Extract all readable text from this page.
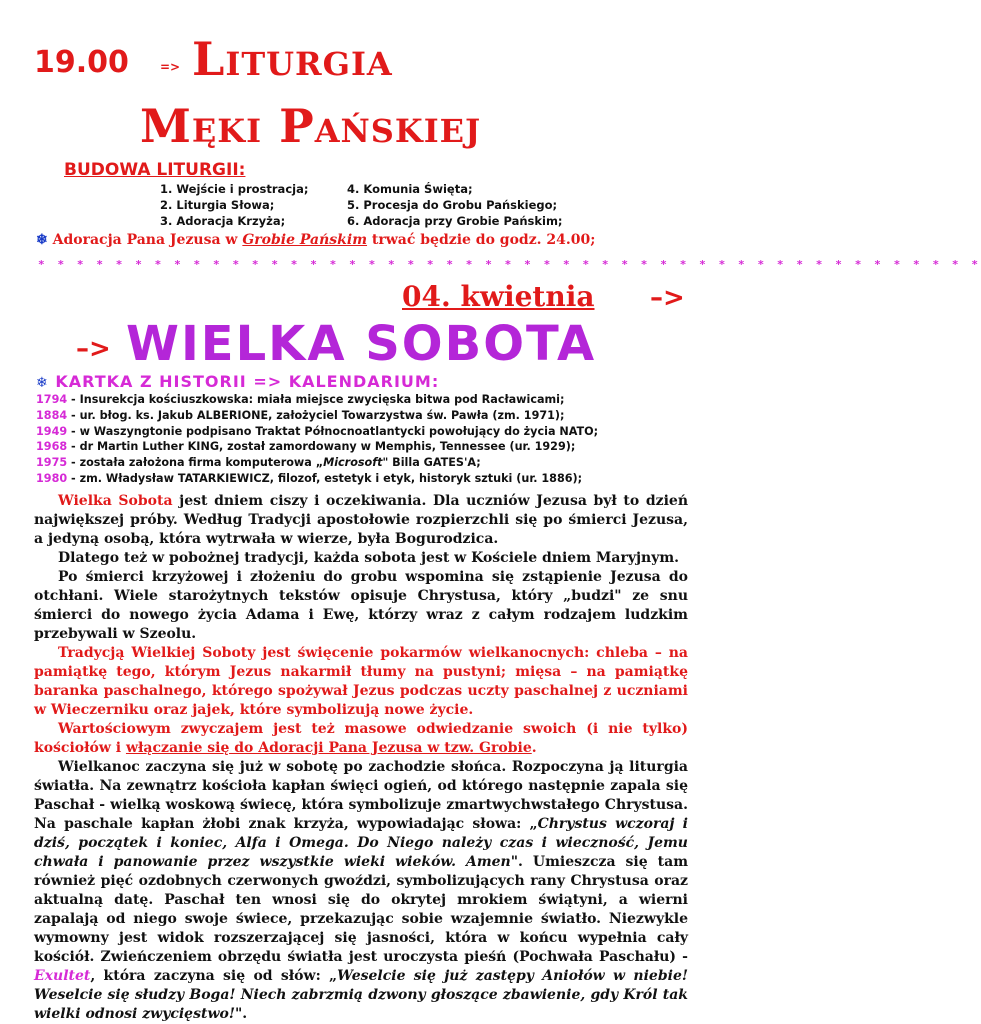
19.00	=> Liturgia
Męki Pańskiej
BUDOWA LITURGII:
1. Wejście i prostracja;
2. Liturgia Słowa;
3. Adoracja Krzyża;
4. Komunia Święta;
5. Procesja do Grobu Pańskiego;
6. Adoracja przy Grobie Pańskim;
❄ Adoracja Pana Jezusa w Grobie Pańskim trwać będzie do godz. 24.00;
* * * * * * * * * * * * * * * * * * * * * * * * * * * * * * * * * * * * * * * * * * * * * * * * *
04. kwietnia –>
–> WIELKA SOBOTA
❄ KARTKA Z HISTORII => KALENDARIUM:
1794 - Insurekcja kościuszkowska: miała miejsce zwycięska bitwa pod Racławicami;
1884 - ur. błog. ks. Jakub ALBERIONE, założyciel Towarzystwa św. Pawła (zm. 1971);
1949 - w Waszyngtonie podpisano Traktat Północnoatlantycki powołujący do życia NATO;
1968 - dr Martin Luther KING, został zamordowany w Memphis, Tennessee (ur. 1929);
1975 - została założona firma komputerowa „Microsoft" Billa GATES'A;
1980 - zm. Władysław TATARKIEWICZ, filozof, estetyk i etyk, historyk sztuki (ur. 1886);

Wielka Sobota jest dniem ciszy i oczekiwania. Dla uczniów Jezusa był to dzień największej próby. Według Tradycji apostołowie rozpierzchli się po śmierci Jezusa, a jedyną osobą, która wytrwała w wierze, była Bogurodzica.

Dlatego też w pobożnej tradycji, każda sobota jest w Kościele dniem Maryjnym.

Po śmierci krzyżowej i złożeniu do grobu wspomina się zstąpienie Jezusa do otchłani. Wiele starożytnych tekstów opisuje Chrystusa, który „budzi" ze snu śmierci do nowego życia Adama i Ewę, którzy wraz z całym rodzajem ludzkim przebywali w Szeolu.

Tradycją Wielkiej Soboty jest święcenie pokarmów wielkanocnych: chleba – na pamiątkę tego, którym Jezus nakarmił tłumy na pustyni; mięsa – na pamiątkę baranka paschalnego, którego spożywał Jezus podczas uczty paschalnej z uczniami w Wieczerniku oraz jajek, które symbolizują nowe życie.

Wartościowym zwyczajem jest też masowe odwiedzanie swoich (i nie tylko) kościołów i włączanie się do Adoracji Pana Jezusa w tzw. Grobie.

Wielkanoc zaczyna się już w sobotę po zachodzie słońca. Rozpoczyna ją liturgia światła. Na zewnątrz kościoła kapłan święci ogień, od którego następnie zapala się Paschał - wielką woskową świecę, która symbolizuje zmartwychwstałego Chrystusa. Na paschale kapłan żłobi znak krzyża, wypowiadając słowa: „Chrystus wczoraj i dziś, początek i koniec, Alfa i Omega. Do Niego należy czas i wieczność, Jemu chwała i panowanie przez wszystkie wieki wieków. Amen". Umieszcza się tam również pięć ozdobnych czerwonych gwoździ, symbolizujących rany Chrystusa oraz aktualną datę. Paschał ten wnosi się do okrytej mrokiem świątyni, a wierni zapalają od niego swoje świece, przekazując sobie wzajemnie światło. Niezwykle wymowny jest widok rozszerzającej się jasności, która w końcu wypełnia cały kościół. Zwieńczeniem obrzędu światła jest uroczysta pieśń (Pochwała Paschału) - Exultet, która zaczyna się od słów: „Weselcie się już zastępy Aniołów w niebie! Weselcie się słudzy Boga! Niech zabrzmią dzwony głoszące zbawienie, gdy Król tak wielki odnosi zwycięstwo!".
